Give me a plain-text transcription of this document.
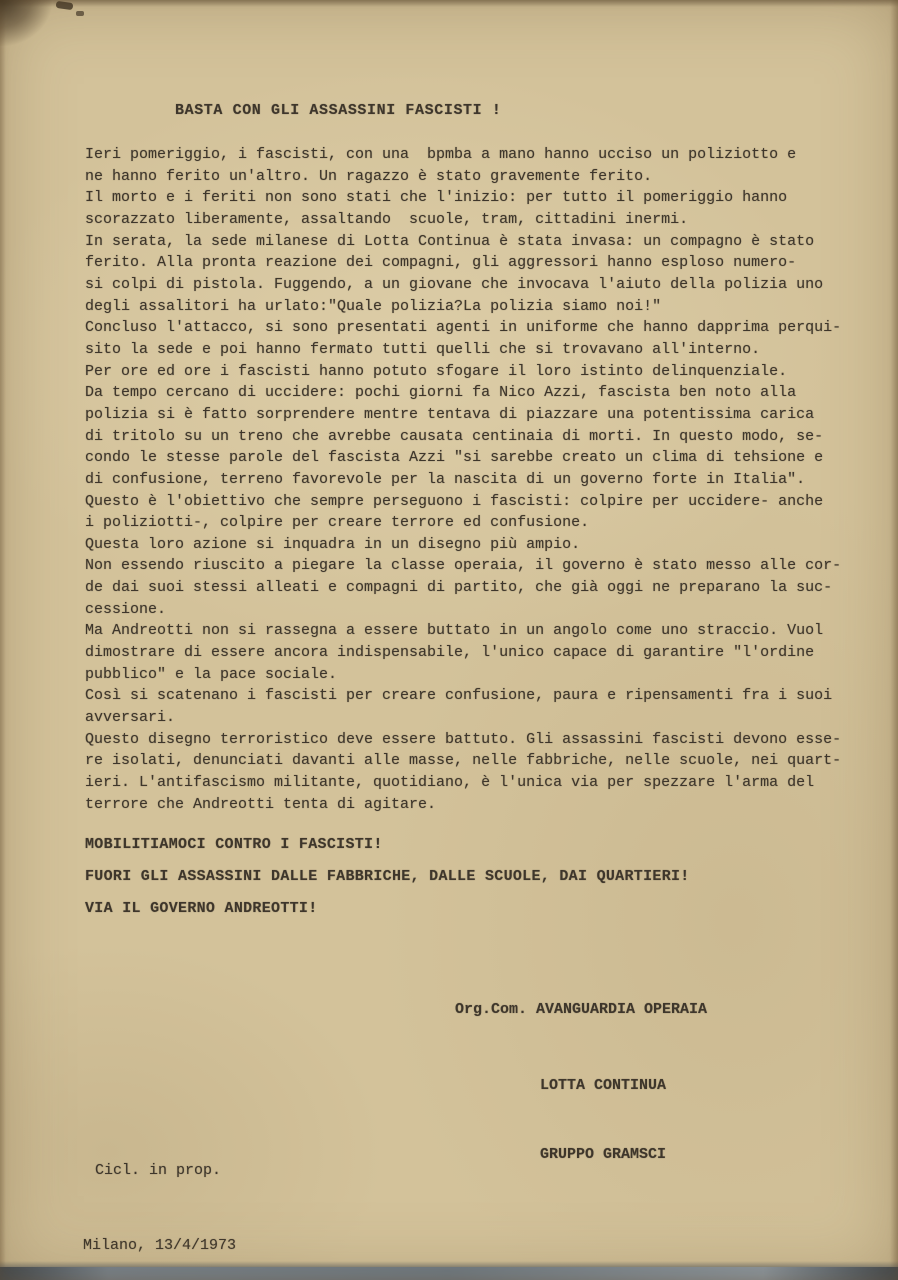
BASTA CON GLI ASSASSINI FASCISTI !
Ieri pomeriggio, i fascisti, con una  bpmba a mano hanno ucciso un poliziotto e
ne hanno ferito un'altro. Un ragazzo è stato gravemente ferito.
Il morto e i feriti non sono stati che l'inizio: per tutto il pomeriggio hanno
scorazzato liberamente, assaltando  scuole, tram, cittadini inermi.
In serata, la sede milanese di Lotta Continua è stata invasa: un compagno è stato
ferito. Alla pronta reazione dei compagni, gli aggressori hanno esploso numero-
si colpi di pistola. Fuggendo, a un giovane che invocava l'aiuto della polizia uno
degli assalitori ha urlato:"Quale polizia?La polizia siamo noi!"
Concluso l'attacco, si sono presentati agenti in uniforme che hanno dapprima perqui-
sito la sede e poi hanno fermato tutti quelli che si trovavano all'interno.
Per ore ed ore i fascisti hanno potuto sfogare il loro istinto delinquenziale.
Da tempo cercano di uccidere: pochi giorni fa Nico Azzi, fascista ben noto alla
polizia si è fatto sorprendere mentre tentava di piazzare una potentissima carica
di tritolo su un treno che avrebbe causata centinaia di morti. In questo modo, se-
condo le stesse parole del fascista Azzi "si sarebbe creato un clima di tehsione e
di confusione, terreno favorevole per la nascita di un governo forte in Italia".
Questo è l'obiettivo che sempre perseguono i fascisti: colpire per uccidere- anche
i poliziotti-, colpire per creare terrore ed confusione.
Questa loro azione si inquadra in un disegno più ampio.
Non essendo riuscito a piegare la classe operaia, il governo è stato messo alle cor-
de dai suoi stessi alleati e compagni di partito, che già oggi ne preparano la suc-
cessione.
Ma Andreotti non si rassegna a essere buttato in un angolo come uno straccio. Vuol
dimostrare di essere ancora indispensabile, l'unico capace di garantire "l'ordine
pubblico" e la pace sociale.
Così si scatenano i fascisti per creare confusione, paura e ripensamenti fra i suoi
avversari.
Questo disegno terroristico deve essere battuto. Gli assassini fascisti devono esse-
re isolati, denunciati davanti alle masse, nelle fabbriche, nelle scuole, nei quart-
ieri. L'antifascismo militante, quotidiano, è l'unica via per spezzare l'arma del
terrore che Andreotti tenta di agitare.
MOBILITIAMOCI CONTRO I FASCISTI!
FUORI GLI ASSASSINI DALLE FABBRICHE, DALLE SCUOLE, DAI QUARTIERI!
VIA IL GOVERNO ANDREOTTI!

Org.Com. AVANGUARDIA OPERAIA

LOTTA CONTINUA

GRUPPO GRAMSCI

Cicl. in prop.

Milano, 13/4/1973
